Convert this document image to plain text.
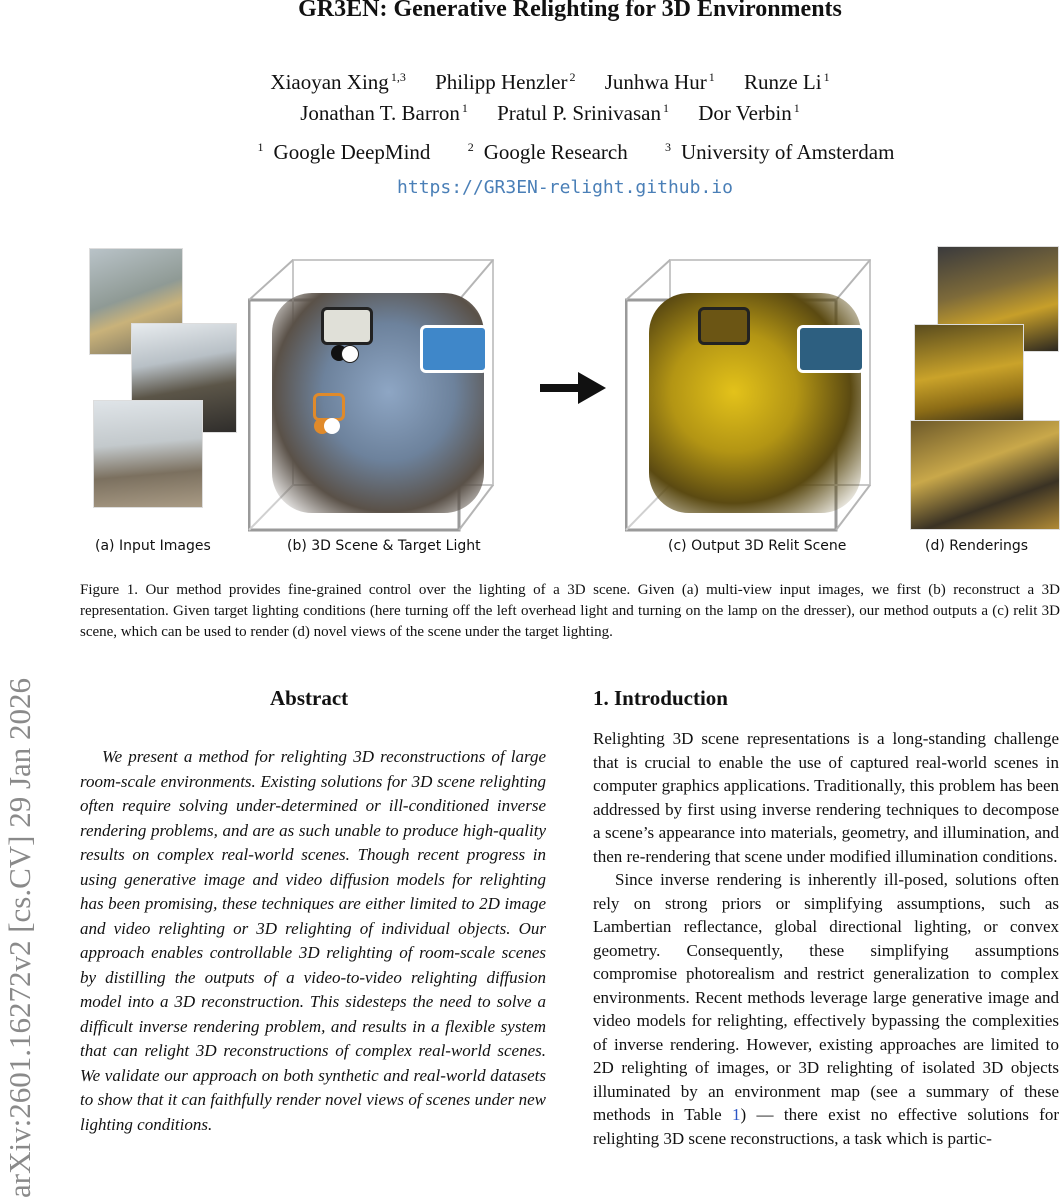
GR3EN: Generative Relighting for 3D Environments
Xiaoyan Xing $^{1,3}$ Philipp Henzler $^2$ Junhwa Hur $^1$ Runze Li $^1$
Jonathan T. Barron $^1$ Pratul P. Srinivasan $^1$ Dor Verbin $^1$
$^1$ Google DeepMind	$^2$ Google Research	$^3$ University of Amsterdam
https://GR3EN-relight.github.io
arXiv:2601.16272v2 [cs.CV] 29 Jan 2026
(a) Input Images	(b) 3D Scene & Target Light	(c) Output 3D Relit Scene	(d) Renderings
Figure 1. Our method provides fine-grained control over the lighting of a 3D scene. Given (a) multi-view input images, we first (b) reconstruct a 3D representation. Given target lighting conditions (here turning off the left overhead light and turning on the lamp on the dresser), our method outputs a (c) relit 3D scene, which can be used to render (d) novel views of the scene under the target lighting.
Abstract

We present a method for relighting 3D reconstructions of large room-scale environments. Existing solutions for 3D scene relighting often require solving under-determined or ill-conditioned inverse rendering problems, and are as such unable to produce high-quality results on complex real-world scenes. Though recent progress in using generative image and video diffusion models for relighting has been promising, these techniques are either limited to 2D image and video relighting or 3D relighting of individual objects. Our approach enables controllable 3D relighting of room-scale scenes by distilling the outputs of a video-to-video relighting diffusion model into a 3D reconstruction. This sidesteps the need to solve a difficult inverse rendering problem, and results in a flexible system that can relight 3D reconstructions of complex real-world scenes. We validate our approach on both synthetic and real-world datasets to show that it can faithfully render novel views of scenes under new lighting conditions.

1. Introduction

Relighting 3D scene representations is a long-standing challenge that is crucial to enable the use of captured real-world scenes in computer graphics applications. Traditionally, this problem has been addressed by first using inverse rendering techniques to decompose a scene’s appearance into materials, geometry, and illumination, and then re-rendering that scene under modified illumination conditions.

Since inverse rendering is inherently ill-posed, solutions often rely on strong priors or simplifying assumptions, such as Lambertian reflectance, global directional lighting, or convex geometry. Consequently, these simplifying assumptions compromise photorealism and restrict generalization to complex environments. Recent methods leverage large generative image and video models for relighting, effectively bypassing the complexities of inverse rendering. However, existing approaches are limited to 2D relighting of images, or 3D relighting of isolated 3D objects illuminated by an environment map (see a summary of these methods in Table 1) — there exist no effective solutions for relighting 3D scene reconstructions, a task which is partic-
